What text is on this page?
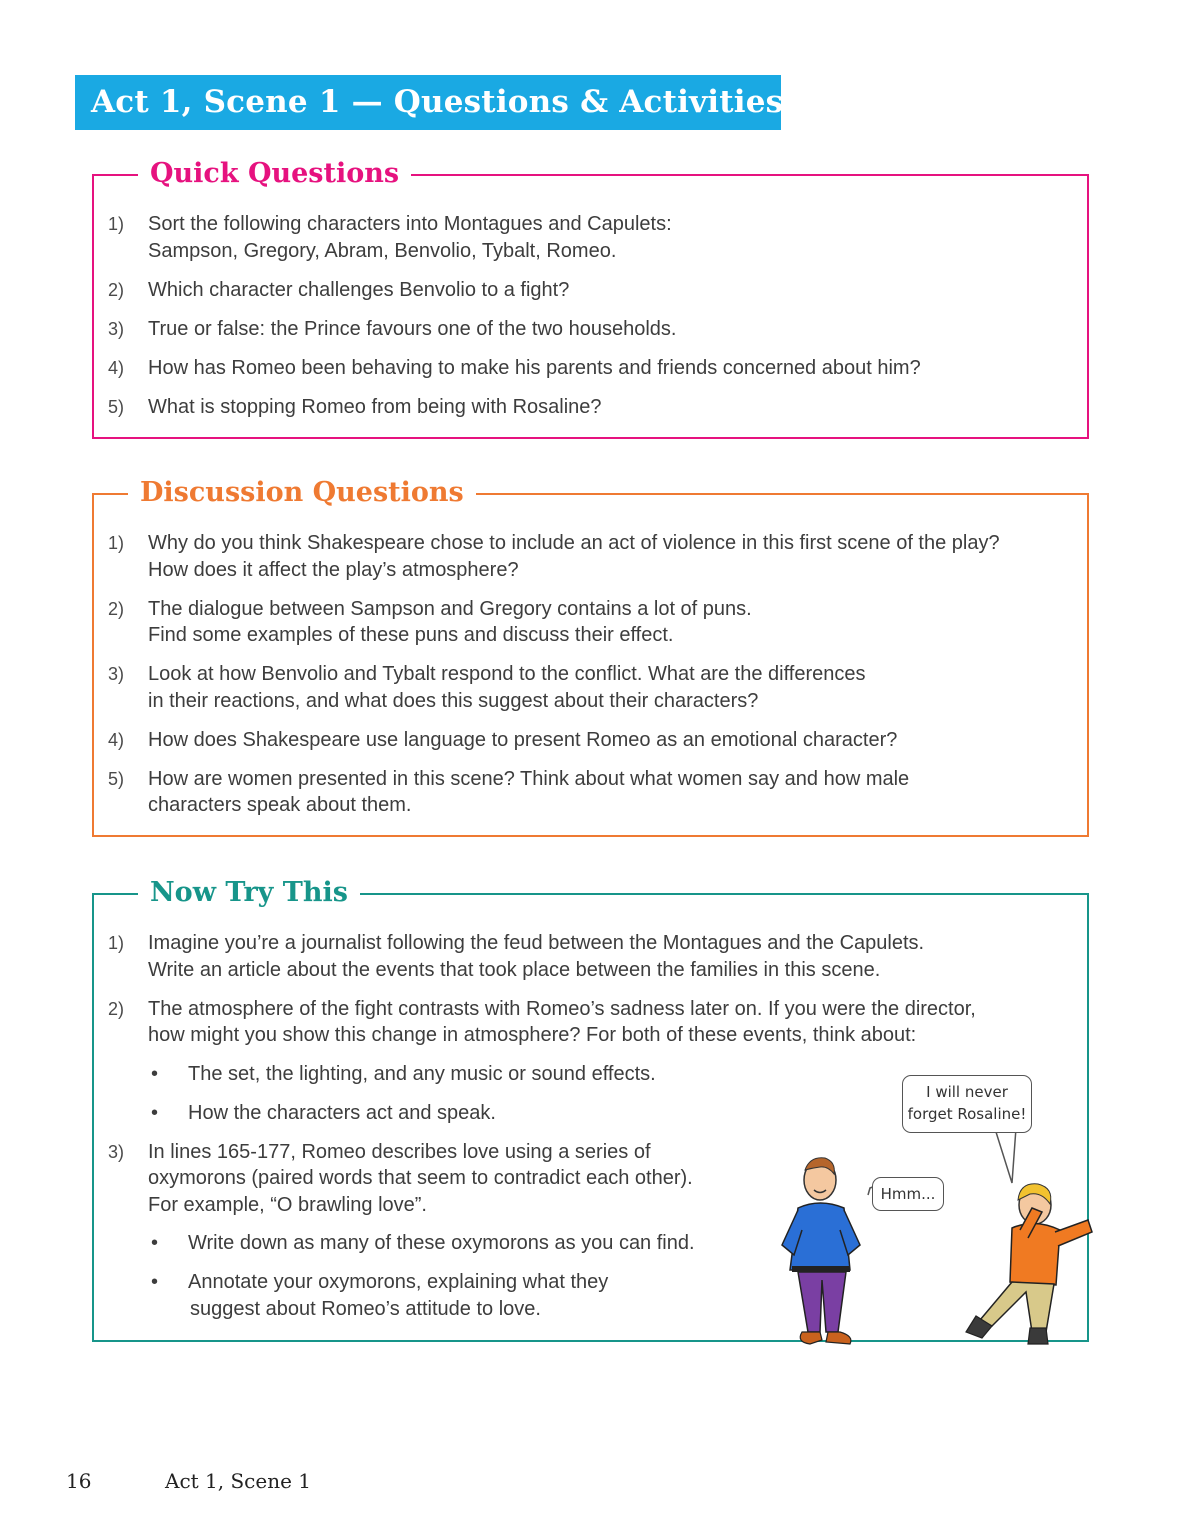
Act 1, Scene 1 — Questions & Activities
Quick Questions
1) Sort the following characters into Montagues and Capulets:
Sampson, Gregory, Abram, Benvolio, Tybalt, Romeo.
2) Which character challenges Benvolio to a fight?
3) True or false: the Prince favours one of the two households.
4) How has Romeo been behaving to make his parents and friends concerned about him?
5) What is stopping Romeo from being with Rosaline?
Discussion Questions
1) Why do you think Shakespeare chose to include an act of violence in this first scene of the play?
How does it affect the play’s atmosphere?
2) The dialogue between Sampson and Gregory contains a lot of puns.
Find some examples of these puns and discuss their effect.
3) Look at how Benvolio and Tybalt respond to the conflict. What are the differences
in their reactions, and what does this suggest about their characters?
4) How does Shakespeare use language to present Romeo as an emotional character?
5) How are women presented in this scene? Think about what women say and how male
characters speak about them.
Now Try This
1) Imagine you’re a journalist following the feud between the Montagues and the Capulets.
Write an article about the events that took place between the families in this scene.
2) The atmosphere of the fight contrasts with Romeo’s sadness later on. If you were the director,
how might you show this change in atmosphere? For both of these events, think about:
• The set, the lighting, and any music or sound effects.
• How the characters act and speak.
3) In lines 165-177, Romeo describes love using a series of
oxymorons (paired words that seem to contradict each other).
For example, “O brawling love”.
• Write down as many of these oxymorons as you can find.
• Annotate your oxymorons, explaining what they
suggest about Romeo’s attitude to love.
Hmm...
I will never
forget Rosaline!
16	Act 1, Scene 1
